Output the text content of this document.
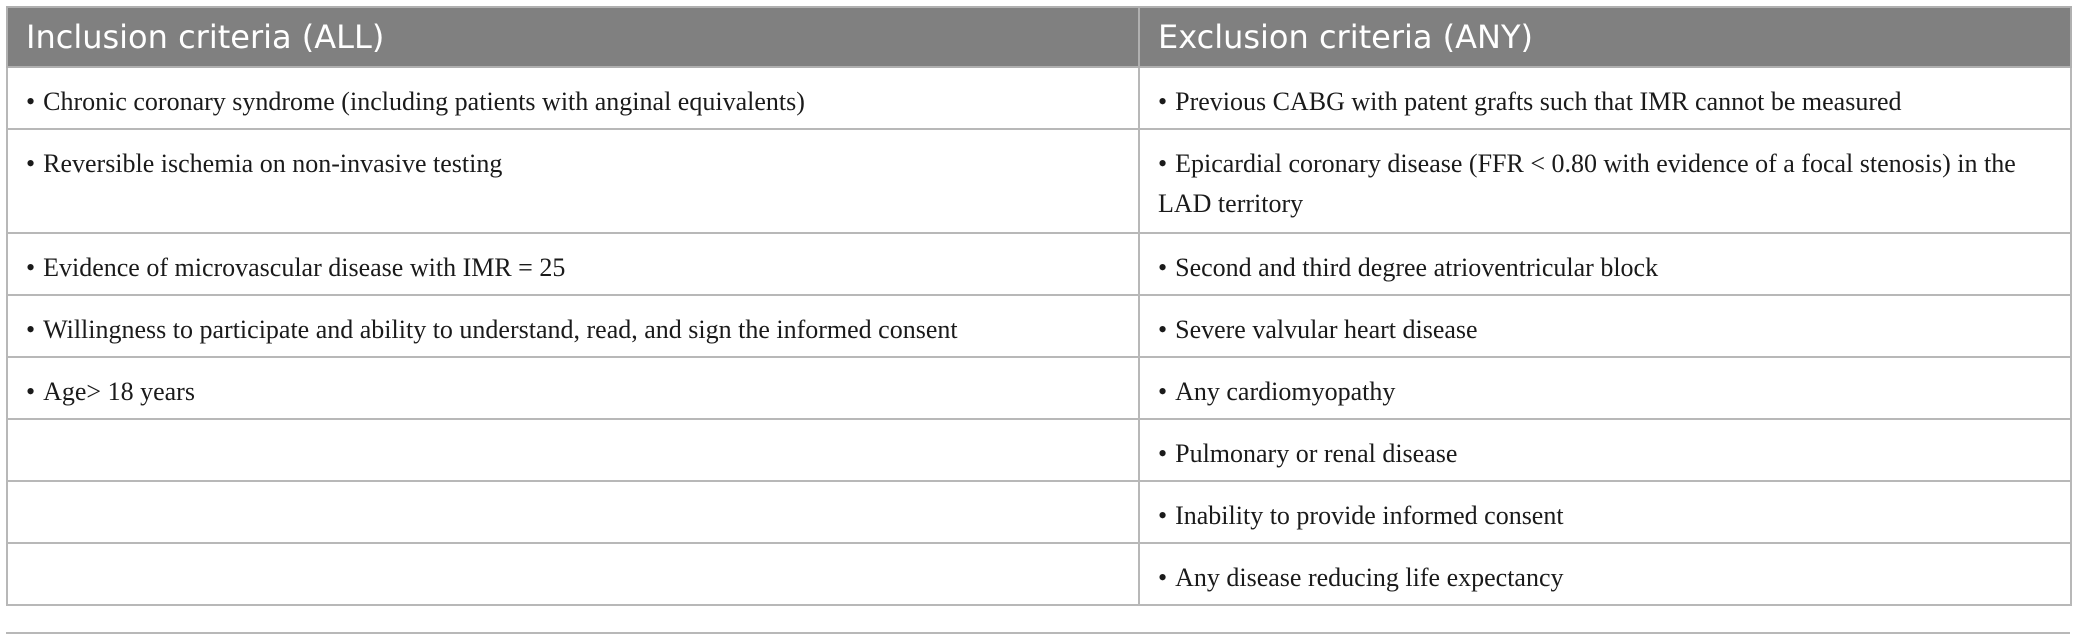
Inclusion criteria (ALL)	Exclusion criteria (ANY)
• Chronic coronary syndrome (including patients with anginal equivalents)	• Previous CABG with patent grafts such that IMR cannot be measured
• Reversible ischemia on non-invasive testing	• Epicardial coronary disease (FFR < 0.80 with evidence of a focal stenosis) in the LAD territory
• Evidence of microvascular disease with IMR = 25	• Second and third degree atrioventricular block
• Willingness to participate and ability to understand, read, and sign the informed consent	• Severe valvular heart disease
• Age> 18 years	• Any cardiomyopathy
	• Pulmonary or renal disease
	• Inability to provide informed consent
	• Any disease reducing life expectancy
